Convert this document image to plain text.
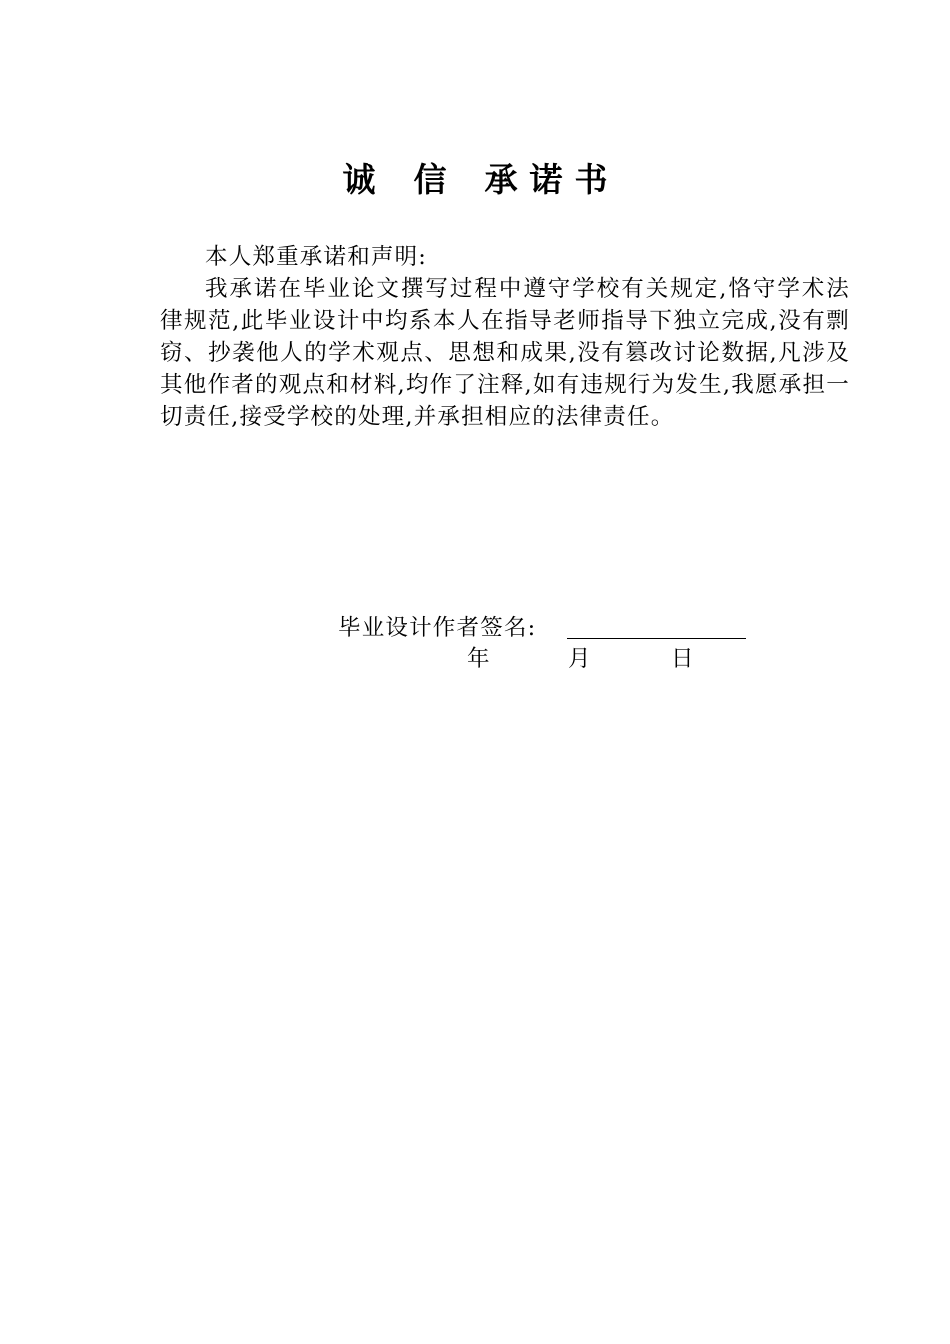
诚 信 承 诺 书

本人郑重承诺和声明:

我承诺在毕业论文撰写过程中遵守学校有关规定,恪守学术法律规范,此毕业设计中均系本人在指导老师指导下独立完成,没有剽窃、抄袭他人的学术观点、思想和成果,没有篡改讨论数据,凡涉及其他作者的观点和材料,均作了注释,如有违规行为发生,我愿承担一切责任,接受学校的处理,并承担相应的法律责任。

毕业设计作者签名:
年	月	日
